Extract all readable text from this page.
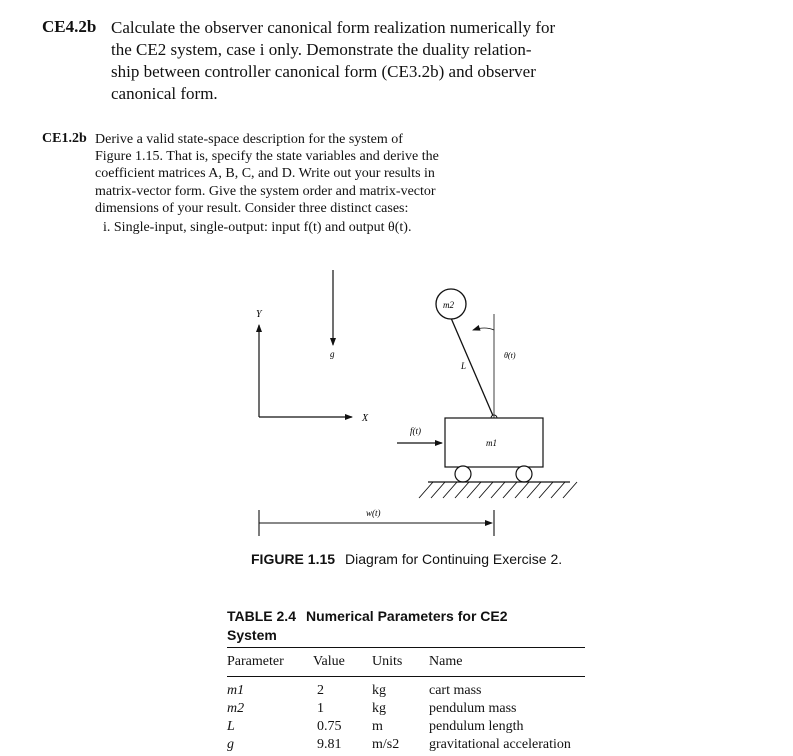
CE4.2b Calculate the observer canonical form realization numerically for
the CE2 system, case i only. Demonstrate the duality relation-
ship between controller canonical form (CE3.2b) and observer
canonical form.
CE1.2b Derive a valid state-space description for the system of
Figure 1.15. That is, specify the state variables and derive the
coefficient matrices A, B, C, and D. Write out your results in
matrix-vector form. Give the system order and matrix-vector
dimensions of your result. Consider three distinct cases:
i. Single-input, single-output: input f(t) and output θ(t).
Y
X
g
m2
θ(t)
L
m1
f(t)
w(t)
FIGURE 1.15 Diagram for Continuing Exercise 2.
TABLE 2.4 Numerical Parameters for CE2 System
Parameter Value Units Name
m1	2	kg	cart mass
m2	1	kg	pendulum mass
L	0.75 m	pendulum length
g	9.81 m/s2 gravitational acceleration
